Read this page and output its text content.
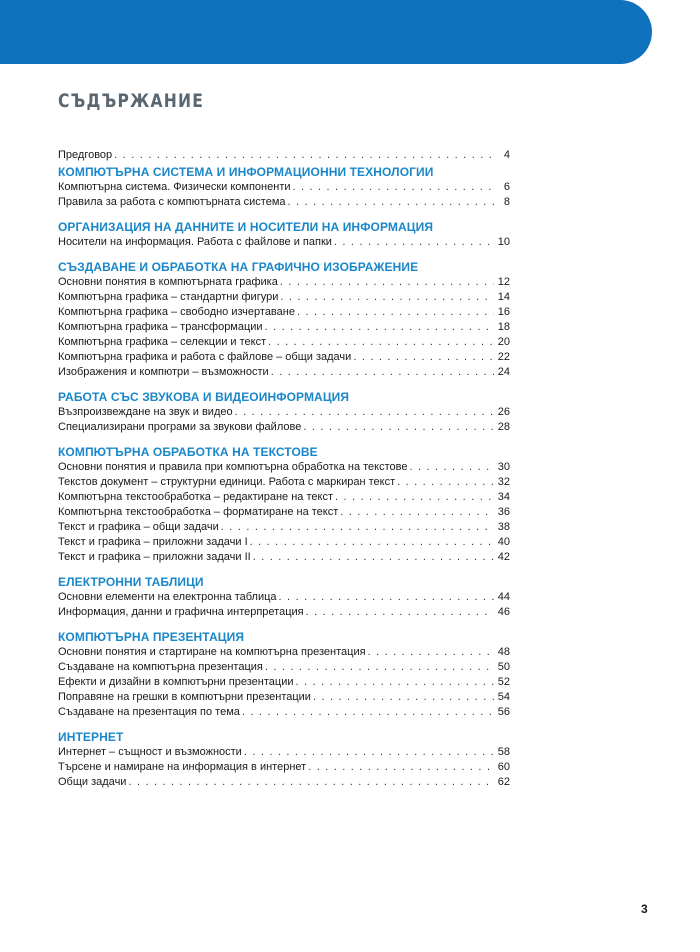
СЪДЪРЖАНИЕ
Предговор . . .	4
КОМПЮТЪРНА СИСТЕМА И ИНФОРМАЦИОННИ ТЕХНОЛОГИИ
Компютърна система. Физически компоненти . . .	6
Правила за работа с компютърната система . . .	8
ОРГАНИЗАЦИЯ НА ДАННИТЕ И НОСИТЕЛИ НА ИНФОРМАЦИЯ
Носители на информация. Работа с файлове и папки . . .	10
СЪЗДАВАНЕ И ОБРАБОТКА НА ГРАФИЧНО ИЗОБРАЖЕНИЕ
Основни понятия в компютърната графика . . .	12
Компютърна графика – стандартни фигури . . .	14
Компютърна графика – свободно изчертаване . . .	16
Компютърна графика – трансформации . . .	18
Компютърна графика – селекции и текст . . .	20
Компютърна графика и работа с файлове – общи задачи . . .	22
Изображения и компютри – възможности . . .	24
РАБОТА СЪС ЗВУКОВА И ВИДЕОИНФОРМАЦИЯ
Възпроизвеждане на звук и видео . . .	26
Специализирани програми за звукови файлове . . .	28
КОМПЮТЪРНА ОБРАБОТКА НА ТЕКСТОВЕ
Основни понятия и правила при компютърна обработка на текстове . . .	30
Текстов документ – структурни единици. Работа с маркиран текст . . .	32
Компютърна текстообработка – редактиране на текст . . .	34
Компютърна текстообработка – форматиране на текст . . .	36
Текст и графика – общи задачи . . .	38
Текст и графика – приложни задачи I . . .	40
Текст и графика – приложни задачи II . . .	42
ЕЛЕКТРОННИ ТАБЛИЦИ
Основни елементи на електронна таблица . . .	44
Информация, данни и графична интерпретация . . .	46
КОМПЮТЪРНА ПРЕЗЕНТАЦИЯ
Основни понятия и стартиране на компютърна презентация . . .	48
Създаване на компютърна презентация . . .	50
Ефекти и дизайни в компютърни презентации . . .	52
Поправяне на грешки в компютърни презентации . . .	54
Създаване на презентация по тема . . .	56
ИНТЕРНЕТ
Интернет – същност и възможности . . .	58
Търсене и намиране на информация в интернет . . .	60
Общи задачи . . .	62

3
